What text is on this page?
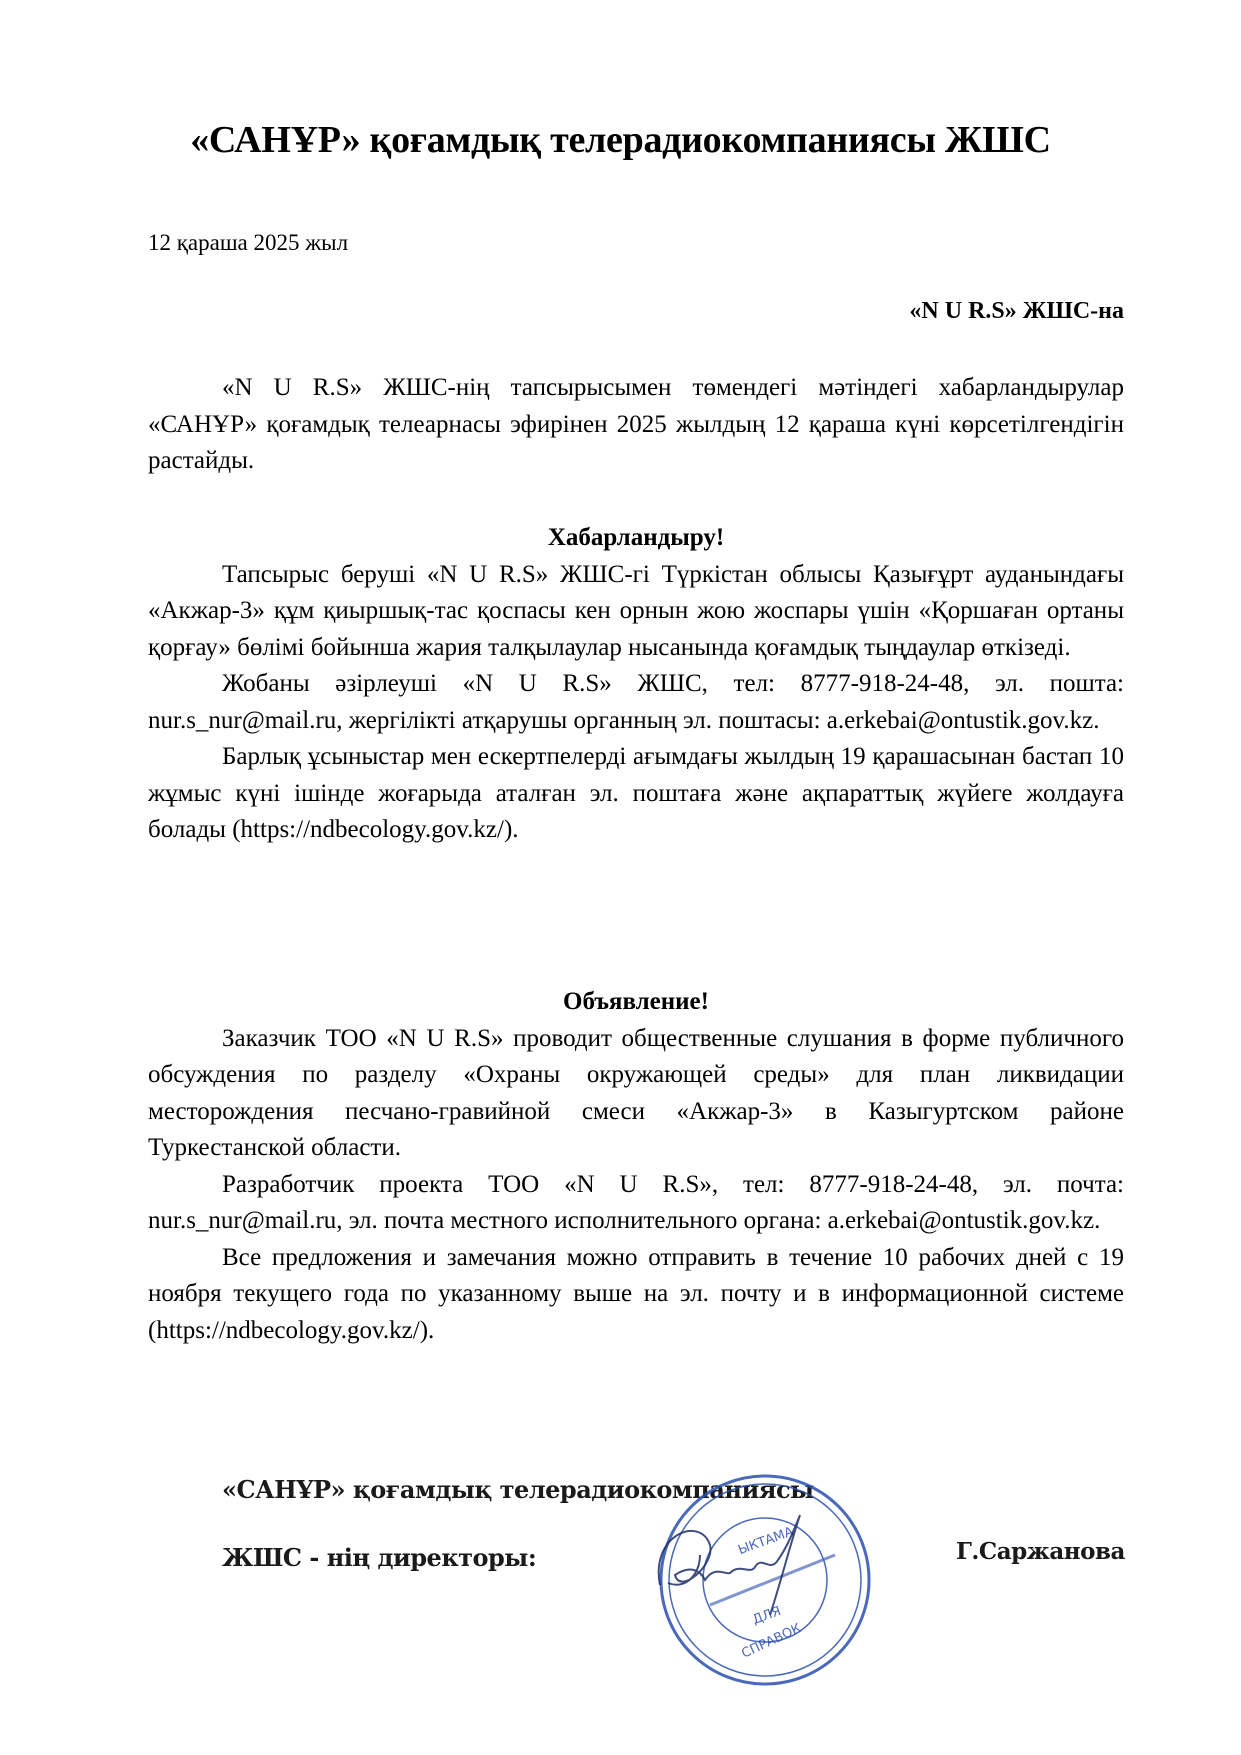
«САНҰР» қоғамдық телерадиокомпаниясы ЖШС
12 қараша 2025 жыл
«N U R.S» ЖШС-на

«N U R.S» ЖШС-нің тапсырысымен төмендегі мәтіндегі хабарландырулар «САНҰР» қоғамдық телеарнасы эфирінен 2025 жылдың 12 қараша күні көрсетілгендігін растайды.

Хабарландыру!

Тапсырыс беруші «N U R.S» ЖШС-гі Түркістан облысы Қазығұрт ауданындағы «Акжар-3» құм қиыршық-тас қоспасы кен орнын жою жоспары үшін «Қоршаған ортаны қорғау» бөлімі бойынша жария талқылаулар нысанында қоғамдық тыңдаулар өткізеді.

Жобаны әзірлеуші «N U R.S» ЖШС, тел: 8777-918-24-48, эл. пошта: nur.s_nur@mail.ru, жергілікті атқарушы органның эл. поштасы: a.erkebai@ontustik.gov.kz.

Барлық ұсыныстар мен ескертпелерді ағымдағы жылдың 19 қарашасынан бастап 10 жұмыс күні ішінде жоғарыда аталған эл. поштаға және ақпараттық жүйеге жолдауға болады (https://ndbecology.gov.kz/).

Объявление!

Заказчик ТОО «N U R.S» проводит общественные слушания в форме публичного обсуждения по разделу «Охраны окружающей среды» для план ликвидации месторождения песчано-гравийной смеси «Акжар-3» в Казыгуртском районе Туркестанской области.

Разработчик проекта ТОО «N U R.S», тел: 8777-918-24-48, эл. почта: nur.s_nur@mail.ru, эл. почта местного исполнительного органа: a.erkebai@ontustik.gov.kz.

Все предложения и замечания можно отправить в течение 10 рабочих дней с 19 ноября текущего года по указанному выше на эл. почту и в информационной системе (https://ndbecology.gov.kz/).

«САНҰР» қоғамдық телерадиокомпаниясы
ЖШС - нің директоры:	Г.Саржанова
ЫКТАМА
ДЛЯ
СПРАВОК
